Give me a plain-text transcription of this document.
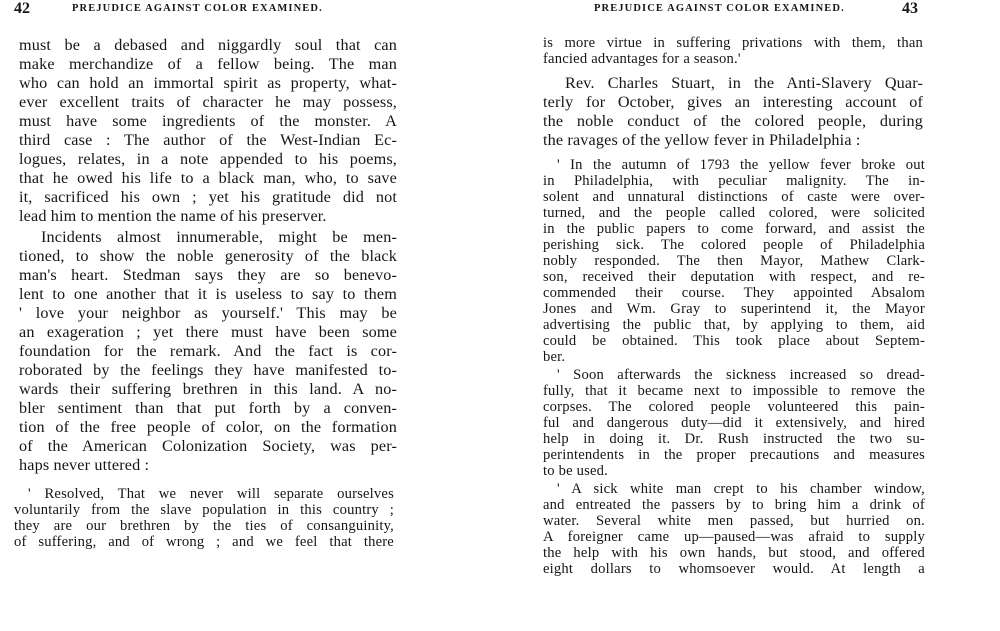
42	PREJUDICE AGAINST COLOR EXAMINED.
must be a debased and niggardly soul that can
make merchandize of a fellow being. The man
who can hold an immortal spirit as property, what-
ever excellent traits of character he may possess,
must have some ingredients of the monster. A
third case : The author of the West-Indian Ec-
logues, relates, in a note appended to his poems,
that he owed his life to a black man, who, to save
it, sacrificed his own ; yet his gratitude did not
lead him to mention the name of his preserver.
Incidents almost innumerable, might be men-
tioned, to show the noble generosity of the black
man's heart. Stedman says they are so benevo-
lent to one another that it is useless to say to them
' love your neighbor as yourself.' This may be
an exageration ; yet there must have been some
foundation for the remark. And the fact is cor-
roborated by the feelings they have manifested to-
wards their suffering brethren in this land. A no-
bler sentiment than that put forth by a conven-
tion of the free people of color, on the formation
of the American Colonization Society, was per-
haps never uttered :
' Resolved, That we never will separate ourselves
voluntarily from the slave population in this country ;
they are our brethren by the ties of consanguinity,
of suffering, and of wrong ; and we feel that there
PREJUDICE AGAINST COLOR EXAMINED.	43
is more virtue in suffering privations with them, than
fancied advantages for a season.'
Rev. Charles Stuart, in the Anti-Slavery Quar-
terly for October, gives an interesting account of
the noble conduct of the colored people, during
the ravages of the yellow fever in Philadelphia :
' In the autumn of 1793 the yellow fever broke out
in Philadelphia, with peculiar malignity. The in-
solent and unnatural distinctions of caste were over-
turned, and the people called colored, were solicited
in the public papers to come forward, and assist the
perishing sick. The colored people of Philadelphia
nobly responded. The then Mayor, Mathew Clark-
son, received their deputation with respect, and re-
commended their course. They appointed Absalom
Jones and Wm. Gray to superintend it, the Mayor
advertising the public that, by applying to them, aid
could be obtained. This took place about Septem-
ber.
' Soon afterwards the sickness increased so dread-
fully, that it became next to impossible to remove the
corpses. The colored people volunteered this pain-
ful and dangerous duty—did it extensively, and hired
help in doing it. Dr. Rush instructed the two su-
perintendents in the proper precautions and measures
to be used.
' A sick white man crept to his chamber window,
and entreated the passers by to bring him a drink of
water. Several white men passed, but hurried on.
A foreigner came up—paused—was afraid to supply
the help with his own hands, but stood, and offered
eight dollars to whomsoever would. At length a
